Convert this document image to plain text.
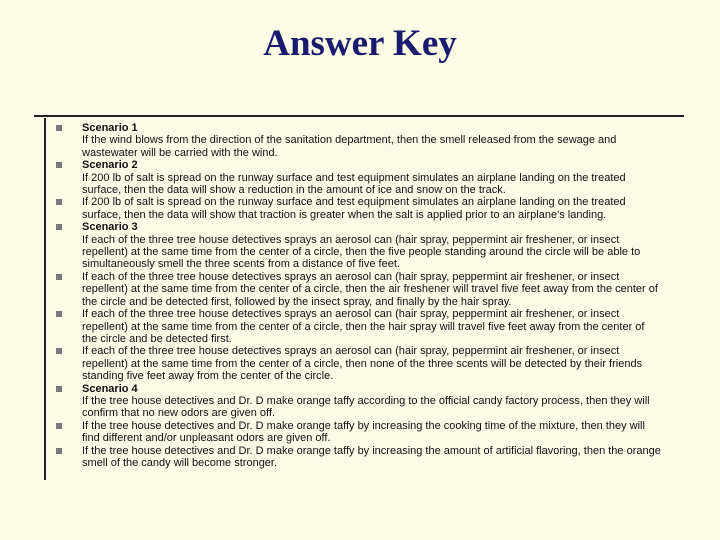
Answer Key
Scenario 1
If the wind blows from the direction of the sanitation department, then the smell released from the sewage and
wastewater will be carried with the wind.
Scenario 2
If 200 lb of salt is spread on the runway surface and test equipment simulates an airplane landing on the treated
surface, then the data will show a reduction in the amount of ice and snow on the track.
If 200 lb of salt is spread on the runway surface and test equipment simulates an airplane landing on the treated
surface, then the data will show that traction is greater when the salt is applied prior to an airplane's landing.
Scenario 3
If each of the three tree house detectives sprays an aerosol can (hair spray, peppermint air freshener, or insect
repellent) at the same time from the center of a circle, then the five people standing around the circle will be able to
simultaneously smell the three scents from a distance of five feet.
If each of the three tree house detectives sprays an aerosol can (hair spray, peppermint air freshener, or insect
repellent) at the same time from the center of a circle, then the air freshener will travel five feet away from the center of
the circle and be detected first, followed by the insect spray, and finally by the hair spray.
If each of the three tree house detectives sprays an aerosol can (hair spray, peppermint air freshener, or insect
repellent) at the same time from the center of a circle, then the hair spray will travel five feet away from the center of
the circle and be detected first.
If each of the three tree house detectives sprays an aerosol can (hair spray, peppermint air freshener, or insect
repellent) at the same time from the center of a circle, then none of the three scents will be detected by their friends
standing five feet away from the center of the circle.
Scenario 4
If the tree house detectives and Dr. D make orange taffy according to the official candy factory process, then they will
confirm that no new odors are given off.
If the tree house detectives and Dr. D make orange taffy by increasing the cooking time of the mixture, then they will
find different and/or unpleasant odors are given off.
If the tree house detectives and Dr. D make orange taffy by increasing the amount of artificial flavoring, then the orange
smell of the candy will become stronger.
